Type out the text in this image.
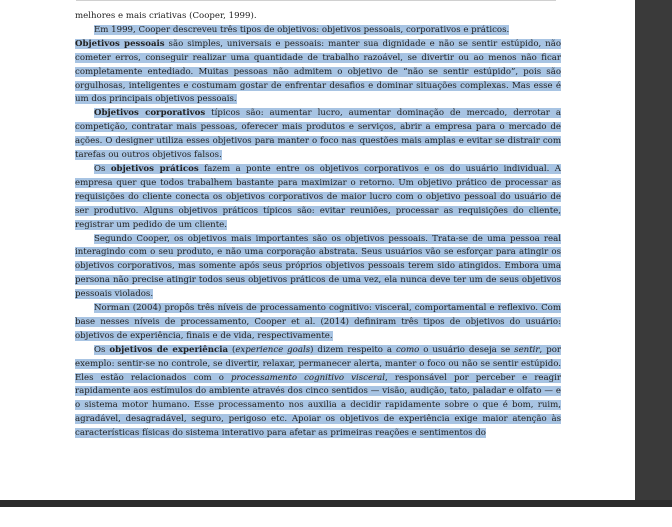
melhores e mais criativas (Cooper, 1999).

Em 1999, Cooper descreveu três tipos de objetivos: objetivos pessoais, corporativos e práticos.

Objetivos pessoais são simples, universais e pessoais: manter sua dignidade e não se sentir estúpido, não cometer erros, conseguir realizar uma quantidade de trabalho razoável, se divertir ou ao menos não ficar completamente entediado. Muitas pessoas não admitem o objetivo de “não se sentir estúpido”, pois são orgulhosas, inteligentes e costumam gostar de enfrentar desafios e dominar situações complexas. Mas esse é um dos principais objetivos pessoais.

Objetivos corporativos típicos são: aumentar lucro, aumentar dominação de mercado, derrotar a competição, contratar mais pessoas, oferecer mais produtos e serviços, abrir a empresa para o mercado de ações. O designer utiliza esses objetivos para manter o foco nas questões mais amplas e evitar se distrair com tarefas ou outros objetivos falsos.

Os objetivos práticos fazem a ponte entre os objetivos corporativos e os do usuário individual. A empresa quer que todos trabalhem bastante para maximizar o retorno. Um objetivo prático de processar as requisições do cliente conecta os objetivos corporativos de maior lucro com o objetivo pessoal do usuário de ser produtivo. Alguns objetivos práticos típicos são: evitar reuniões, processar as requisições do cliente, registrar um pedido de um cliente.

Segundo Cooper, os objetivos mais importantes são os objetivos pessoais. Trata-se de uma pessoa real interagindo com o seu produto, e não uma corporação abstrata. Seus usuários vão se esforçar para atingir os objetivos corporativos, mas somente após seus próprios objetivos pessoais terem sido atingidos. Embora uma persona não precise atingir todos seus objetivos práticos de uma vez, ela nunca deve ter um de seus objetivos pessoais violados.

Norman (2004) propôs três níveis de processamento cognitivo: visceral, comportamental e reflexivo. Com base nesses níveis de processamento, Cooper et al. (2014) definiram três tipos de objetivos do usuário: objetivos de experiência, finais e de vida, respectivamente.

Os objetivos de experiência (experience goals) dizem respeito a como o usuário deseja se sentir, por exemplo: sentir-se no controle, se divertir, relaxar, permanecer alerta, manter o foco ou não se sentir estúpido. Eles estão relacionados com o processamento cognitivo visceral, responsável por perceber e reagir rapidamente aos estímulos do ambiente através dos cinco sentidos — visão, audição, tato, paladar e olfato — e o sistema motor humano. Esse processamento nos auxilia a decidir rapidamente sobre o que é bom, ruim, agradável, desagradável, seguro, perigoso etc. Apoiar os objetivos de experiência exige maior atenção às características físicas do sistema interativo para afetar as primeiras reações e sentimentos do
